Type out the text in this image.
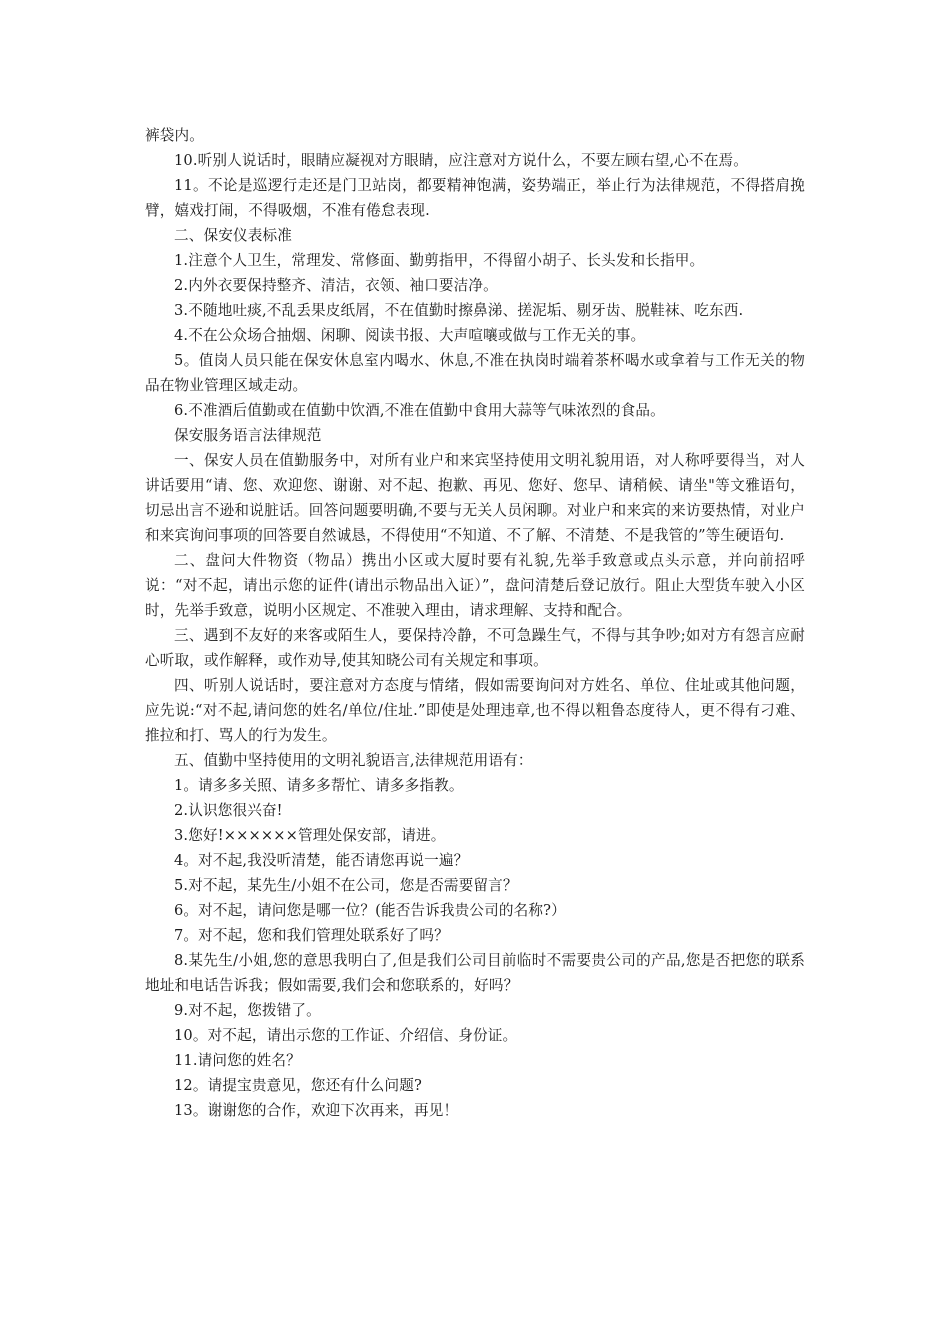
裤袋内。

10.听别人说话时，眼睛应凝视对方眼睛，应注意对方说什么，不要左顾右望,心不在焉。

11。不论是巡逻行走还是门卫站岗，都要精神饱满，姿势端正，举止行为法律规范，不得搭肩挽臂，嬉戏打闹，不得吸烟，不准有倦怠表现.

二、保安仪表标准

1.注意个人卫生，常理发、常修面、勤剪指甲，不得留小胡子、长头发和长指甲。

2.内外衣要保持整齐、清洁，衣领、袖口要洁净。

3.不随地吐痰,不乱丢果皮纸屑，不在值勤时擦鼻涕、搓泥垢、剔牙齿、脱鞋袜、吃东西.

4.不在公众场合抽烟、闲聊、阅读书报、大声喧嚷或做与工作无关的事。

5。值岗人员只能在保安休息室内喝水、休息,不准在执岗时端着茶杯喝水或拿着与工作无关的物品在物业管理区域走动。

6.不准酒后值勤或在值勤中饮酒,不准在值勤中食用大蒜等气味浓烈的食品。

保安服务语言法律规范

一、保安人员在值勤服务中，对所有业户和来宾坚持使用文明礼貌用语，对人称呼要得当，对人讲话要用“请、您、欢迎您、谢谢、对不起、抱歉、再见、您好、您早、请稍候、请坐"等文雅语句，切忌出言不逊和说脏话。回答问题要明确,不要与无关人员闲聊。对业户和来宾的来访要热情，对业户和来宾询问事项的回答要自然诚恳，不得使用“不知道、不了解、不清楚、不是我管的”等生硬语句.

二、盘问大件物资（物品）携出小区或大厦时要有礼貌,先举手致意或点头示意，并向前招呼说：“对不起，请出示您的证件(请出示物品出入证）”，盘问清楚后登记放行。阻止大型货车驶入小区时，先举手致意，说明小区规定、不准驶入理由，请求理解、支持和配合。

三、遇到不友好的来客或陌生人，要保持冷静，不可急躁生气，不得与其争吵;如对方有怨言应耐心听取，或作解释，或作劝导,使其知晓公司有关规定和事项。

四、听别人说话时，要注意对方态度与情绪，假如需要询问对方姓名、单位、住址或其他问题，应先说:“对不起,请问您的姓名/单位/住址.”即使是处理违章,也不得以粗鲁态度待人，更不得有刁难、推拉和打、骂人的行为发生。

五、值勤中坚持使用的文明礼貌语言,法律规范用语有：

1。请多多关照、请多多帮忙、请多多指教。

2.认识您很兴奋!

3.您好!××××××管理处保安部，请进。

4。对不起,我没听清楚，能否请您再说一遍？

5.对不起，某先生/小姐不在公司，您是否需要留言？

6。对不起，请问您是哪一位？(能否告诉我贵公司的名称?）

7。对不起，您和我们管理处联系好了吗？

8.某先生/小姐,您的意思我明白了,但是我们公司目前临时不需要贵公司的产品,您是否把您的联系地址和电话告诉我；假如需要,我们会和您联系的，好吗？

9.对不起，您拨错了。

10。对不起，请出示您的工作证、介绍信、身份证。

11.请问您的姓名？

12。请提宝贵意见，您还有什么问题?

13。谢谢您的合作，欢迎下次再来，再见！
